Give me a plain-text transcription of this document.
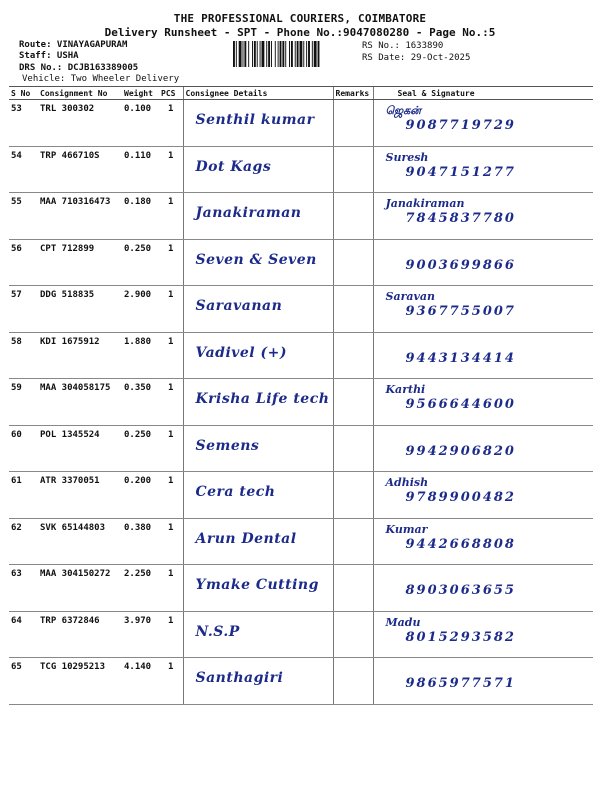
THE PROFESSIONAL COURIERS, COIMBATORE
Delivery Runsheet - SPT - Phone No.:9047080280 - Page No.:5
Route: VINAYAGAPURAM
Staff: USHA
DRS No.: DCJB163389005
Vehicle: Two Wheeler Delivery
RS No.: 1633890
RS Date: 29-Oct-2025
S No	Consignment No	Weight	PCS	Consignee Details	Remarks	Seal & Signature
53	TRL 300302	0.100	1	Senthil kumar		ஜெகன்
9087719729

54	TRP 466710S	0.110	1	Dot Kags		Suresh
9047151277

55	MAA 710316473	0.180	1	Janakiraman		Janakiraman
7845837780

56	CPT 712899	0.250	1	Seven & Seven		9003699866

57	DDG 518835	2.900	1	Saravanan		Saravan
9367755007

58	KDI 1675912	1.880	1	Vadivel (+)		9443134414

59	MAA 304058175	0.350	1	Krisha Life tech		Karthi
9566644600

60	POL 1345524	0.250	1	Semens		9942906820

61	ATR 3370051	0.200	1	Cera tech		Adhish
9789900482

62	SVK 65144803	0.380	1	Arun Dental		Kumar
9442668808

63	MAA 304150272	2.250	1	Ymake Cutting		8903063655

64	TRP 6372846	3.970	1	N.S.P		Madu
8015293582

65	TCG 10295213	4.140	1	Santhagiri		9865977571
